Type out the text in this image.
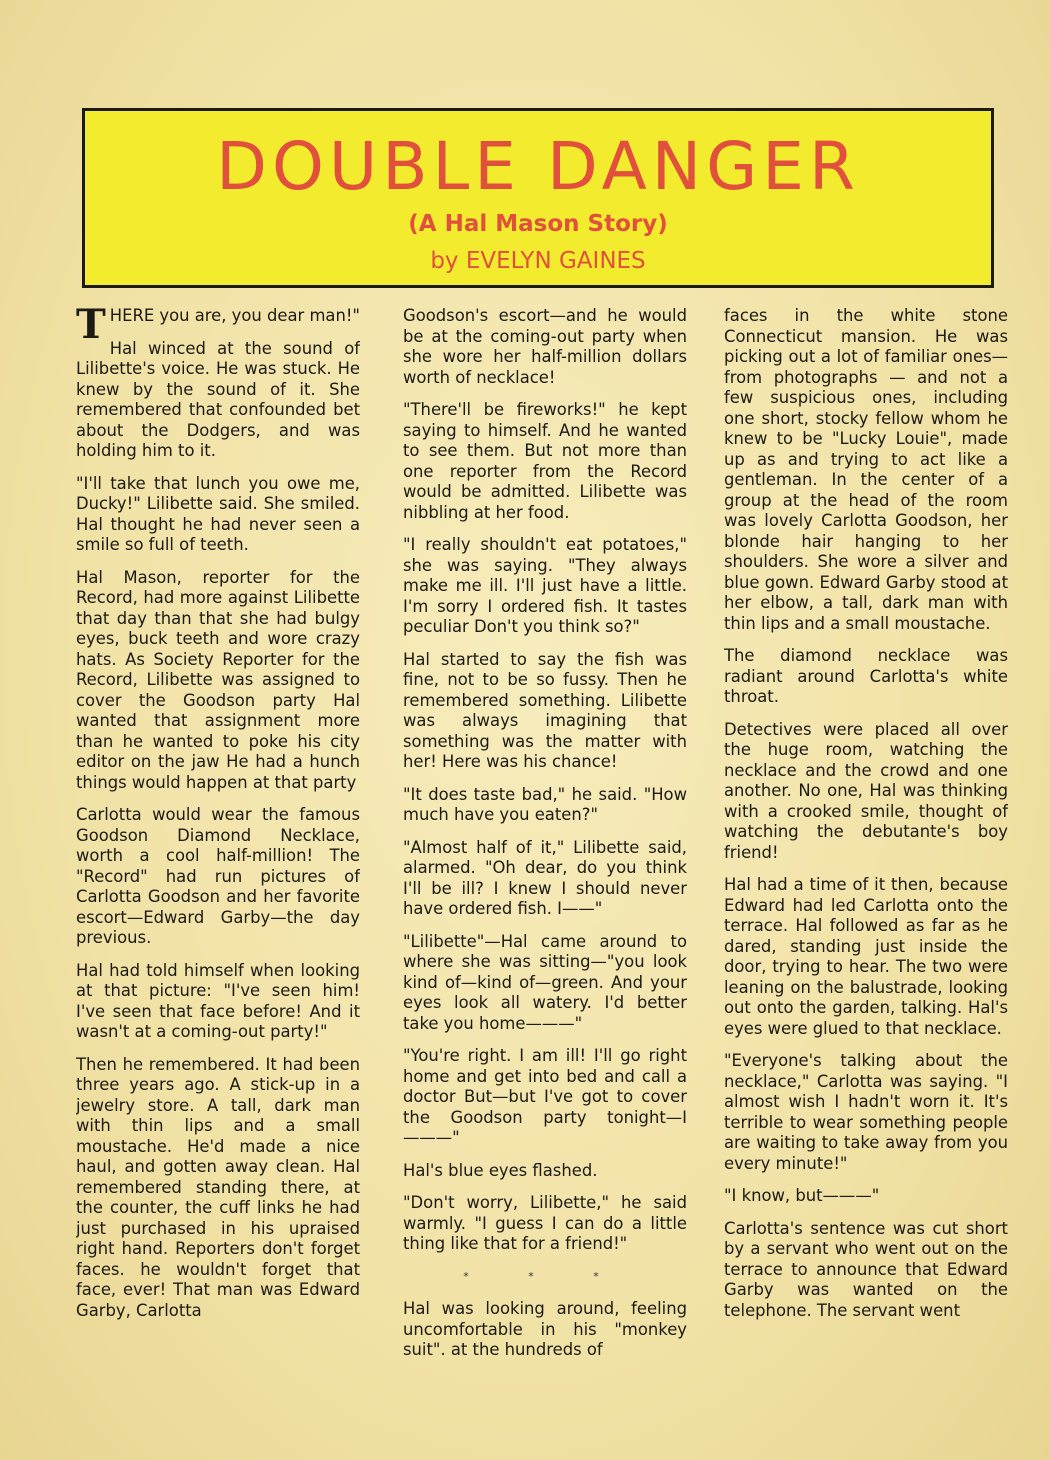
DOUBLE DANGER
(A Hal Mason Story)
by EVELYN GAINES

THERE you are, you dear man!"

Hal winced at the sound of Lilibette's voice. He was stuck. He knew by the sound of it. She remembered that confounded bet about the Dodgers, and was holding him to it.

"I'll take that lunch you owe me, Ducky!" Lilibette said. She smiled. Hal thought he had never seen a smile so full of teeth.

Hal Mason, reporter for the Record, had more against Lilibette that day than that she had bulgy eyes, buck teeth and wore crazy hats. As Society Reporter for the Record, Lilibette was assigned to cover the Goodson party Hal wanted that assignment more than he wanted to poke his city editor on the jaw He had a hunch things would happen at that party

Carlotta would wear the famous Goodson Diamond Necklace, worth a cool half-million! The "Record" had run pictures of Carlotta Goodson and her favorite escort—Edward Garby—the day previous.

Hal had told himself when looking at that picture: "I've seen him! I've seen that face before! And it wasn't at a coming-out party!"

Then he remembered. It had been three years ago. A stick-up in a jewelry store. A tall, dark man with thin lips and a small moustache. He'd made a nice haul, and gotten away clean. Hal remembered standing there, at the counter, the cuff links he had just purchased in his upraised right hand. Reporters don't forget faces. he wouldn't forget that face, ever! That man was Edward Garby, Carlotta

Goodson's escort—and he would be at the coming-out party when she wore her half-million dollars worth of necklace!

"There'll be fireworks!" he kept saying to himself. And he wanted to see them. But not more than one reporter from the Record would be admitted. Lilibette was nibbling at her food.

"I really shouldn't eat potatoes," she was saying. "They always make me ill. I'll just have a little. I'm sorry I ordered fish. It tastes peculiar Don't you think so?"

Hal started to say the fish was fine, not to be so fussy. Then he remembered something. Lilibette was always imagining that something was the matter with her! Here was his chance!

"It does taste bad," he said. "How much have you eaten?"

"Almost half of it," Lilibette said, alarmed. "Oh dear, do you think I'll be ill? I knew I should never have ordered fish. I——"

"Lilibette"—Hal came around to where she was sitting—"you look kind of—kind of—green. And your eyes look all watery. I'd better take you home———"

"You're right. I am ill! I'll go right home and get into bed and call a doctor But—but I've got to cover the Goodson party tonight—I———"

Hal's blue eyes flashed.

"Don't worry, Lilibette," he said warmly. "I guess I can do a little thing like that for a friend!"

* * *

Hal was looking around, feeling uncomfortable in his "monkey suit". at the hundreds of

faces in the white stone Connecticut mansion. He was picking out a lot of familiar ones—from photographs — and not a few suspicious ones, including one short, stocky fellow whom he knew to be "Lucky Louie", made up as and trying to act like a gentleman. In the center of a group at the head of the room was lovely Carlotta Goodson, her blonde hair hanging to her shoulders. She wore a silver and blue gown. Edward Garby stood at her elbow, a tall, dark man with thin lips and a small moustache.

The diamond necklace was radiant around Carlotta's white throat.

Detectives were placed all over the huge room, watching the necklace and the crowd and one another. No one, Hal was thinking with a crooked smile, thought of watching the debutante's boy friend!

Hal had a time of it then, because Edward had led Carlotta onto the terrace. Hal followed as far as he dared, standing just inside the door, trying to hear. The two were leaning on the balustrade, looking out onto the garden, talking. Hal's eyes were glued to that necklace.

"Everyone's talking about the necklace," Carlotta was saying. "I almost wish I hadn't worn it. It's terrible to wear something people are waiting to take away from you every minute!"

"I know, but———"

Carlotta's sentence was cut short by a servant who went out on the terrace to announce that Edward Garby was wanted on the telephone. The servant went
